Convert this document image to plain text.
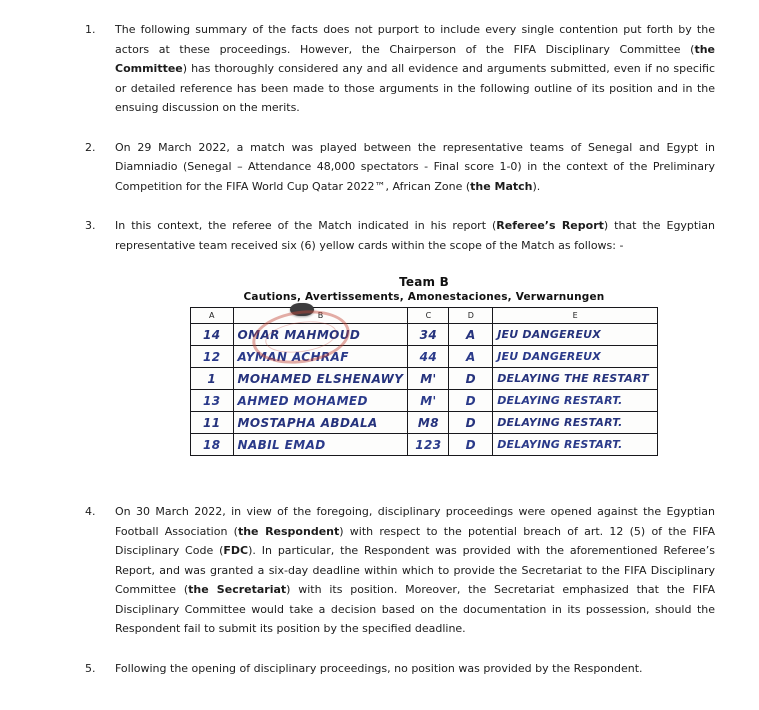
1.	The following summary of the facts does not purport to include every single contention put forth by the actors at these proceedings. However, the Chairperson of the FIFA Disciplinary Committee (the Committee) has thoroughly considered any and all evidence and arguments submitted, even if no specific or detailed reference has been made to those arguments in the following outline of its position and in the ensuing discussion on the merits.
2.	On 29 March 2022, a match was played between the representative teams of Senegal and Egypt in Diamniadio (Senegal – Attendance 48,000 spectators - Final score 1-0) in the context of the Preliminary Competition for the FIFA World Cup Qatar 2022™, African Zone (the Match).
3.	In this context, the referee of the Match indicated in his report (Referee’s Report) that the Egyptian representative team received six (6) yellow cards within the scope of the Match as follows: -
Team B
Cautions, Avertissements, Amonestaciones, Verwarnungen
A	B	C	D	E
14	OMAR MAHMOUD	34	A	JEU DANGEREUX
12	AYMAN ACHRAF	44	A	JEU DANGEREUX
1	MOHAMED ELSHENAWY	M'	D	DELAYING THE RESTART
13	AHMED MOHAMED	M'	D	DELAYING RESTART.
11	MOSTAPHA ABDALA	M8	D	DELAYING RESTART.
18	NABIL EMAD	123	D	DELAYING RESTART.
4.	On 30 March 2022, in view of the foregoing, disciplinary proceedings were opened against the Egyptian Football Association (the Respondent) with respect to the potential breach of art. 12 (5) of the FIFA Disciplinary Code (FDC). In particular, the Respondent was provided with the aforementioned Referee’s Report, and was granted a six-day deadline within which to provide the Secretariat to the FIFA Disciplinary Committee (the Secretariat) with its position. Moreover, the Secretariat emphasized that the FIFA Disciplinary Committee would take a decision based on the documentation in its possession, should the Respondent fail to submit its position by the specified deadline.
5.	Following the opening of disciplinary proceedings, no position was provided by the Respondent.
